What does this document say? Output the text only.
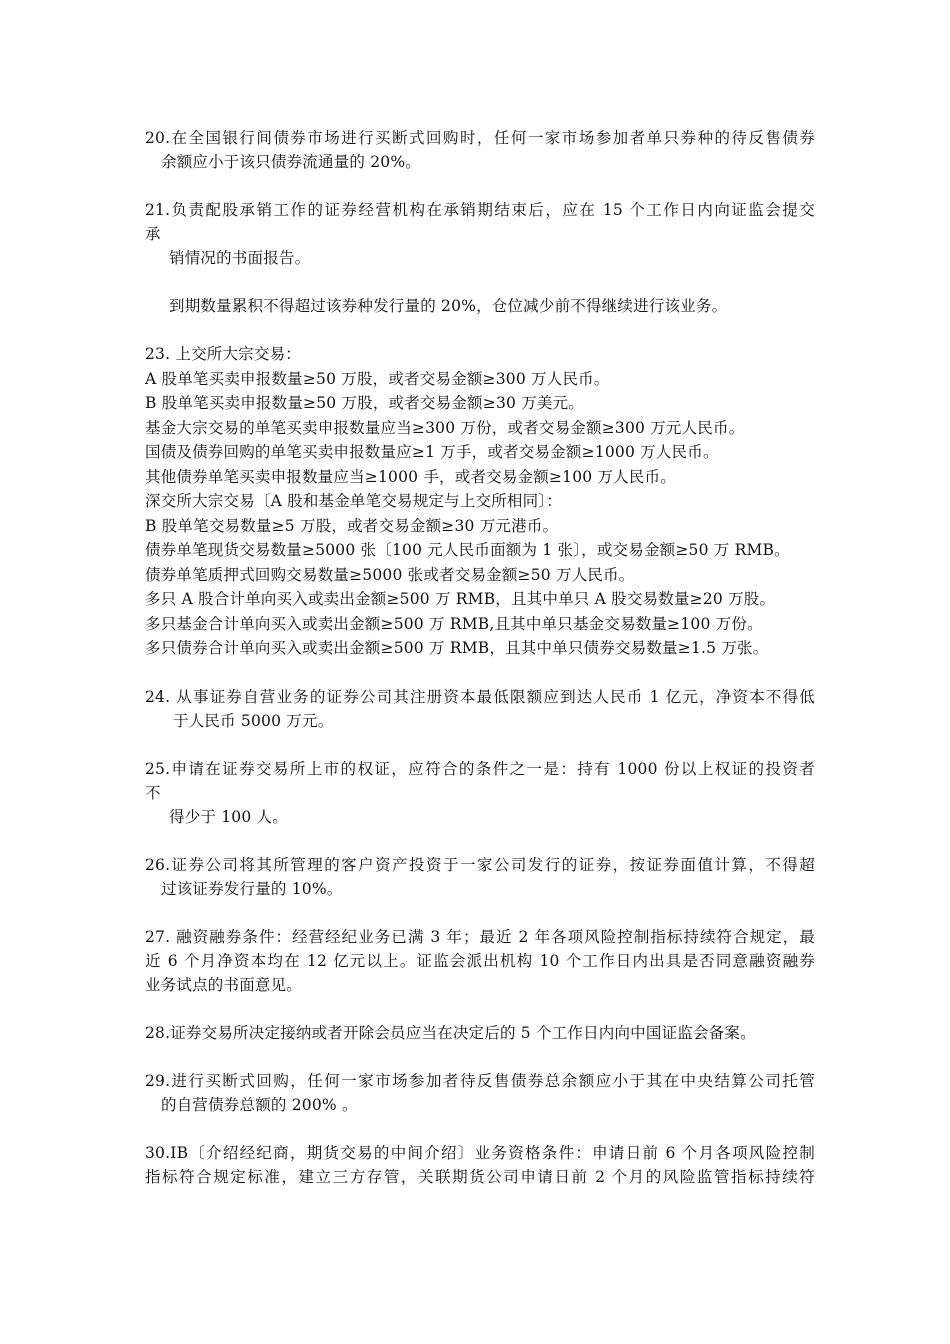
20.在全国银行间债券市场进行买断式回购时，任何一家市场参加者单只券种的待反售债券
余额应小于该只债券流通量的 20%。
21.负责配股承销工作的证券经营机构在承销期结束后，应在 15 个工作日内向证监会提交
承
销情况的书面报告。
到期数量累积不得超过该券种发行量的 20%，仓位减少前不得继续进行该业务。
23. 上交所大宗交易：
A 股单笔买卖申报数量≥50 万股，或者交易金额≥300 万人民币。
B 股单笔买卖申报数量≥50 万股，或者交易金额≥30 万美元。
基金大宗交易的单笔买卖申报数量应当≥300 万份，或者交易金额≥300 万元人民币。
国债及债券回购的单笔买卖申报数量应≥1 万手，或者交易金额≥1000 万人民币。
其他债券单笔买卖申报数量应当≥1000 手，或者交易金额≥100 万人民币。
深交所大宗交易〔A 股和基金单笔交易规定与上交所相同〕：
B 股单笔交易数量≥5 万股，或者交易金额≥30 万元港币。
债券单笔现货交易数量≥5000 张〔100 元人民币面额为 1 张〕，或交易金额≥50 万 RMB。
债券单笔质押式回购交易数量≥5000 张或者交易金额≥50 万人民币。
多只 A 股合计单向买入或卖出金额≥500 万 RMB，且其中单只 A 股交易数量≥20 万股。
多只基金合计单向买入或卖出金额≥500 万 RMB,且其中单只基金交易数量≥100 万份。
多只债券合计单向买入或卖出金额≥500 万 RMB，且其中单只债券交易数量≥1.5 万张。
24. 从事证券自营业务的证券公司其注册资本最低限额应到达人民币 1 亿元，净资本不得低
于人民币 5000 万元。
25.申请在证券交易所上市的权证，应符合的条件之一是：持有 1000 份以上权证的投资者
不
得少于 100 人。
26.证券公司将其所管理的客户资产投资于一家公司发行的证券，按证券面值计算，不得超
过该证券发行量的 10%。
27. 融资融券条件：经营经纪业务已满 3 年；最近 2 年各项风险控制指标持续符合规定，最
近 6 个月净资本均在 12 亿元以上。证监会派出机构 10 个工作日内出具是否同意融资融券
业务试点的书面意见。
28.证券交易所决定接纳或者开除会员应当在决定后的 5 个工作日内向中国证监会备案。
29.进行买断式回购，任何一家市场参加者待反售债券总余额应小于其在中央结算公司托管
的自营债券总额的 200% 。
30.IB〔介绍经纪商，期货交易的中间介绍〕业务资格条件：申请日前 6 个月各项风险控制
指标符合规定标准，建立三方存管，关联期货公司申请日前 2 个月的风险监管指标持续符
